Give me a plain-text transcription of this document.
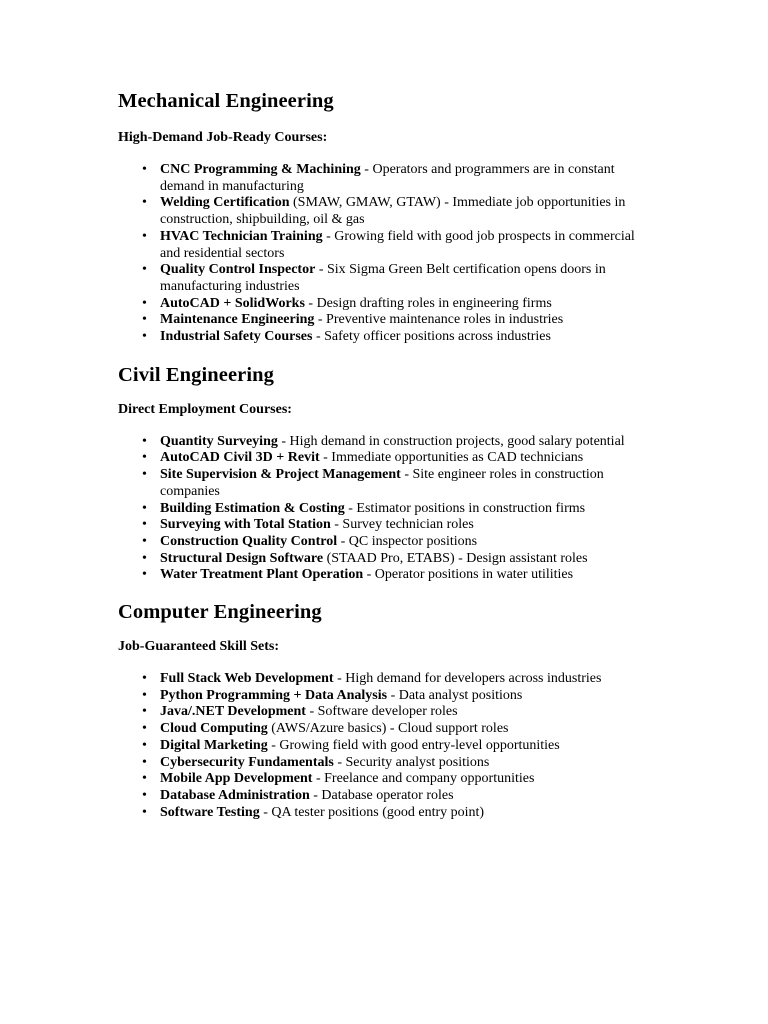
Mechanical Engineering

High-Demand Job-Ready Courses:

• CNC Programming & Machining - Operators and programmers are in constant demand in manufacturing
• Welding Certification (SMAW, GMAW, GTAW) - Immediate job opportunities in construction, shipbuilding, oil & gas
• HVAC Technician Training - Growing field with good job prospects in commercial and residential sectors
• Quality Control Inspector - Six Sigma Green Belt certification opens doors in manufacturing industries
• AutoCAD + SolidWorks - Design drafting roles in engineering firms
• Maintenance Engineering - Preventive maintenance roles in industries
• Industrial Safety Courses - Safety officer positions across industries
Civil Engineering

Direct Employment Courses:

• Quantity Surveying - High demand in construction projects, good salary potential
• AutoCAD Civil 3D + Revit - Immediate opportunities as CAD technicians
• Site Supervision & Project Management - Site engineer roles in construction companies
• Building Estimation & Costing - Estimator positions in construction firms
• Surveying with Total Station - Survey technician roles
• Construction Quality Control - QC inspector positions
• Structural Design Software (STAAD Pro, ETABS) - Design assistant roles
• Water Treatment Plant Operation - Operator positions in water utilities
Computer Engineering

Job-Guaranteed Skill Sets:

• Full Stack Web Development - High demand for developers across industries
• Python Programming + Data Analysis - Data analyst positions
• Java/.NET Development - Software developer roles
• Cloud Computing (AWS/Azure basics) - Cloud support roles
• Digital Marketing - Growing field with good entry-level opportunities
• Cybersecurity Fundamentals - Security analyst positions
• Mobile App Development - Freelance and company opportunities
• Database Administration - Database operator roles
• Software Testing - QA tester positions (good entry point)
